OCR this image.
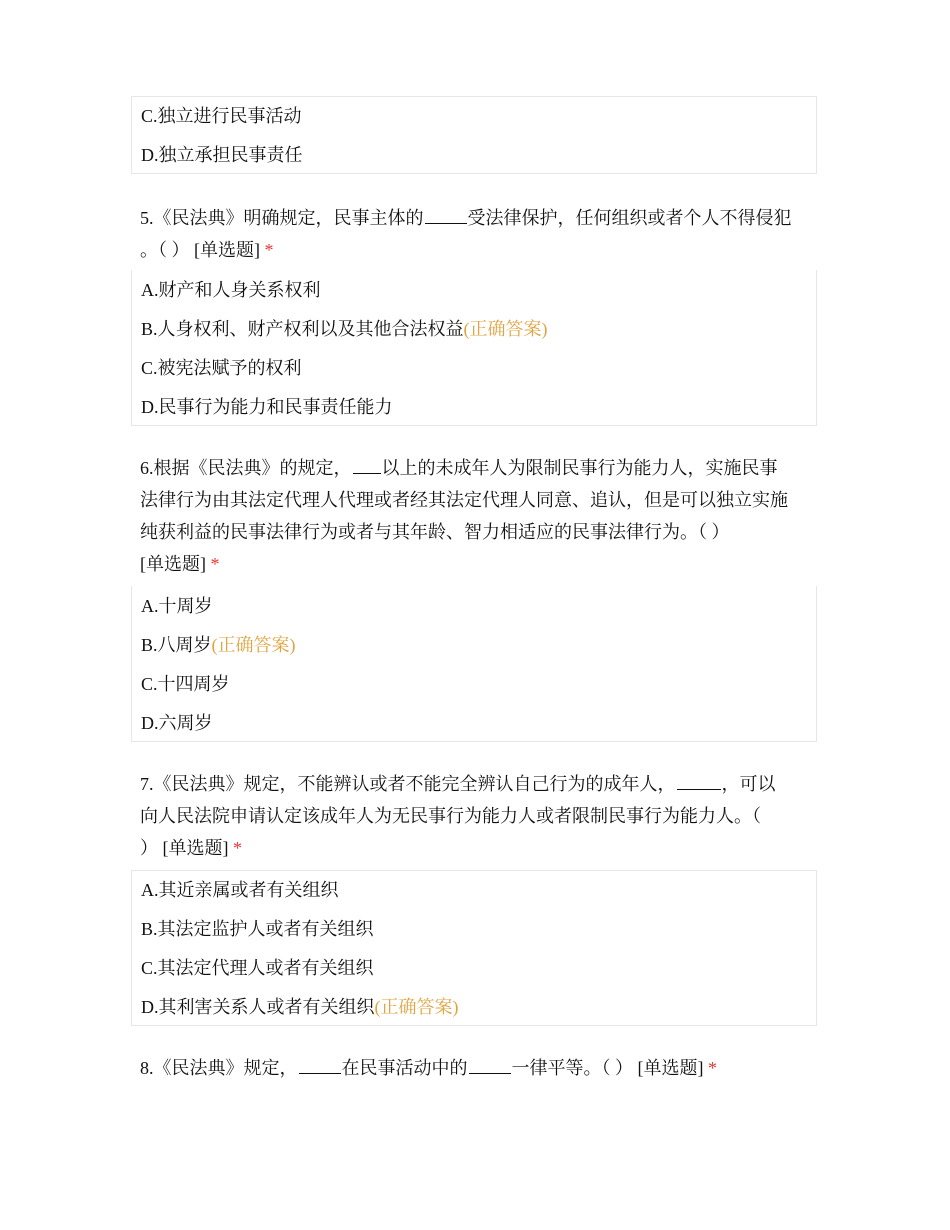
C.独立进行民事活动
D.独立承担民事责任
5.《民法典》明确规定，民事主体的 受法律保护，任何组织或者个人不得侵犯
。（ ） [单选题] *
A.财产和人身关系权利
B.人身权利、财产权利以及其他合法权益(正确答案)
C.被宪法赋予的权利
D.民事行为能力和民事责任能力
6.根据《民法典》的规定， 以上的未成年人为限制民事行为能力人，实施民事
法律行为由其法定代理人代理或者经其法定代理人同意、追认，但是可以独立实施
纯获利益的民事法律行为或者与其年龄、智力相适应的民事法律行为。（ ）
[单选题] *
A.十周岁
B.八周岁(正确答案)
C.十四周岁
D.六周岁
7.《民法典》规定，不能辨认或者不能完全辨认自己行为的成年人，	，可以
向人民法院申请认定该成年人为无民事行为能力人或者限制民事行为能力人。（
） [单选题] *
A.其近亲属或者有关组织
B.其法定监护人或者有关组织
C.其法定代理人或者有关组织
D.其利害关系人或者有关组织(正确答案)
8.《民法典》规定， 在民事活动中的 一律平等。（ ） [单选题] *
